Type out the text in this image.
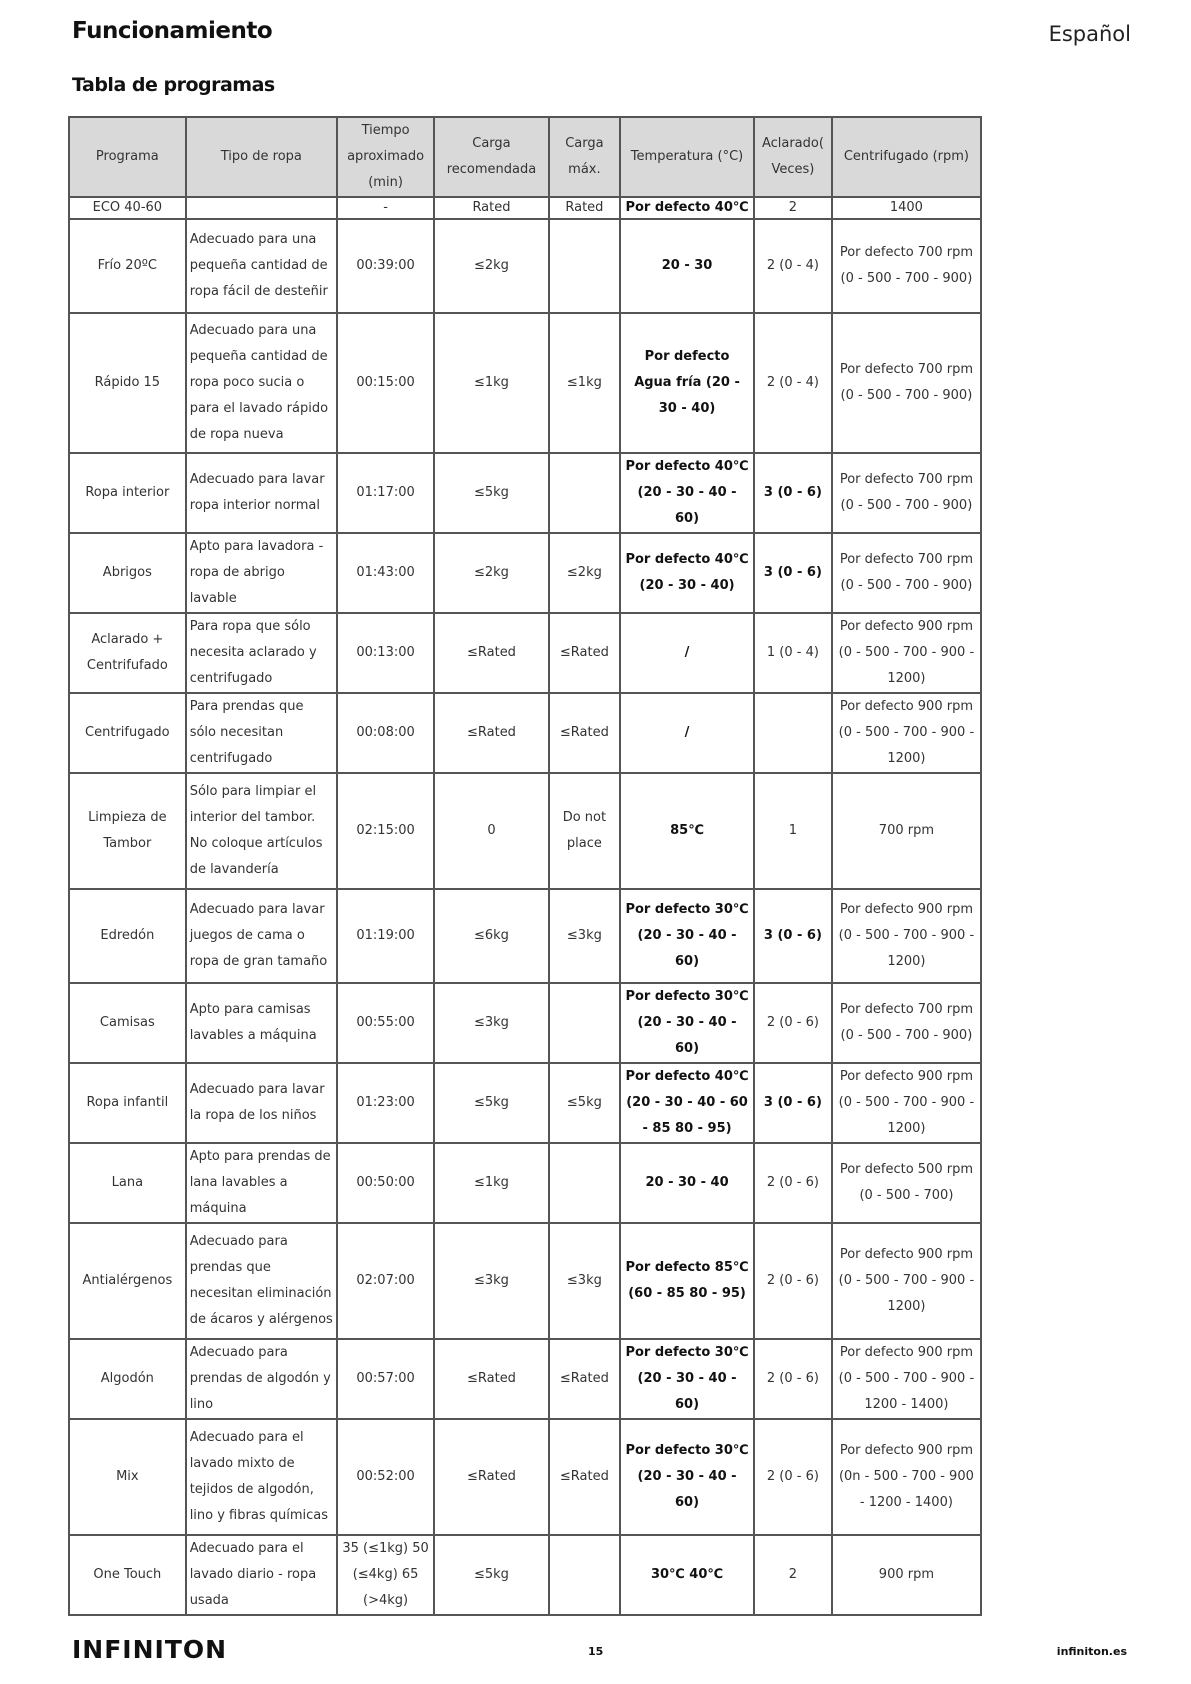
Funcionamiento	Español
Tabla de programas
Programa	Tipo de ropa	Tiempo aproximado (min)	Carga recomendada	Carga máx.	Temperatura (°C)	Aclarado( Veces)	Centrifugado (rpm)
ECO 40-60		-	Rated	Rated	Por defecto 40℃	2	1400
Frío 20ºC	Adecuado para una pequeña cantidad de ropa fácil de desteñir	00:39:00	≤2kg		20 - 30	2 (0 - 4)	Por defecto 700 rpm (0 - 500 - 700 - 900)
Rápido 15	Adecuado para una pequeña cantidad de ropa poco sucia o para el lavado rápido de ropa nueva	00:15:00	≤1kg	≤1kg	Por defecto Agua fría (20 - 30 - 40)	2 (0 - 4)	Por defecto 700 rpm (0 - 500 - 700 - 900)
Ropa interior	Adecuado para lavar ropa interior normal	01:17:00	≤5kg		Por defecto 40℃ (20 - 30 - 40 - 60)	3 (0 - 6)	Por defecto 700 rpm (0 - 500 - 700 - 900)
Abrigos	Apto para lavadora - ropa de abrigo lavable	01:43:00	≤2kg	≤2kg	Por defecto 40℃ (20 - 30 - 40)	3 (0 - 6)	Por defecto 700 rpm (0 - 500 - 700 - 900)
Aclarado + Centrifufado	Para ropa que sólo necesita aclarado y centrifugado	00:13:00	≤Rated	≤Rated	/	1 (0 - 4)	Por defecto 900 rpm (0 - 500 - 700 - 900 - 1200)
Centrifugado	Para prendas que sólo necesitan centrifugado	00:08:00	≤Rated	≤Rated	/		Por defecto 900 rpm (0 - 500 - 700 - 900 - 1200)
Limpieza de Tambor	Sólo para limpiar el interior del tambor. No coloque artículos de lavandería	02:15:00	0	Do not place	85℃	1	700 rpm
Edredón	Adecuado para lavar juegos de cama o ropa de gran tamaño	01:19:00	≤6kg	≤3kg	Por defecto 30℃ (20 - 30 - 40 - 60)	3 (0 - 6)	Por defecto 900 rpm (0 - 500 - 700 - 900 - 1200)
Camisas	Apto para camisas lavables a máquina	00:55:00	≤3kg		Por defecto 30℃ (20 - 30 - 40 - 60)	2 (0 - 6)	Por defecto 700 rpm (0 - 500 - 700 - 900)
Ropa infantil	Adecuado para lavar la ropa de los niños	01:23:00	≤5kg	≤5kg	Por defecto 40℃ (20 - 30 - 40 - 60 - 85 80 - 95)	3 (0 - 6)	Por defecto 900 rpm (0 - 500 - 700 - 900 - 1200)
Lana	Apto para prendas de lana lavables a máquina	00:50:00	≤1kg		20 - 30 - 40	2 (0 - 6)	Por defecto 500 rpm (0 - 500 - 700)
Antialérgenos	Adecuado para prendas que necesitan eliminación de ácaros y alérgenos	02:07:00	≤3kg	≤3kg	Por defecto 85℃ (60 - 85 80 - 95)	2 (0 - 6)	Por defecto 900 rpm (0 - 500 - 700 - 900 - 1200)
Algodón	Adecuado para prendas de algodón y lino	00:57:00	≤Rated	≤Rated	Por defecto 30℃ (20 - 30 - 40 - 60)	2 (0 - 6)	Por defecto 900 rpm (0 - 500 - 700 - 900 - 1200 - 1400)
Mix	Adecuado para el lavado mixto de tejidos de algodón, lino y fibras químicas	00:52:00	≤Rated	≤Rated	Por defecto 30℃ (20 - 30 - 40 - 60)	2 (0 - 6)	Por defecto 900 rpm (0n - 500 - 700 - 900 - 1200 - 1400)
One Touch	Adecuado para el lavado diario - ropa usada	35 (≤1kg) 50 (≤4kg) 65 (>4kg)	≤5kg		30℃ 40℃	2	900 rpm
INFINITON	15	infiniton.es
